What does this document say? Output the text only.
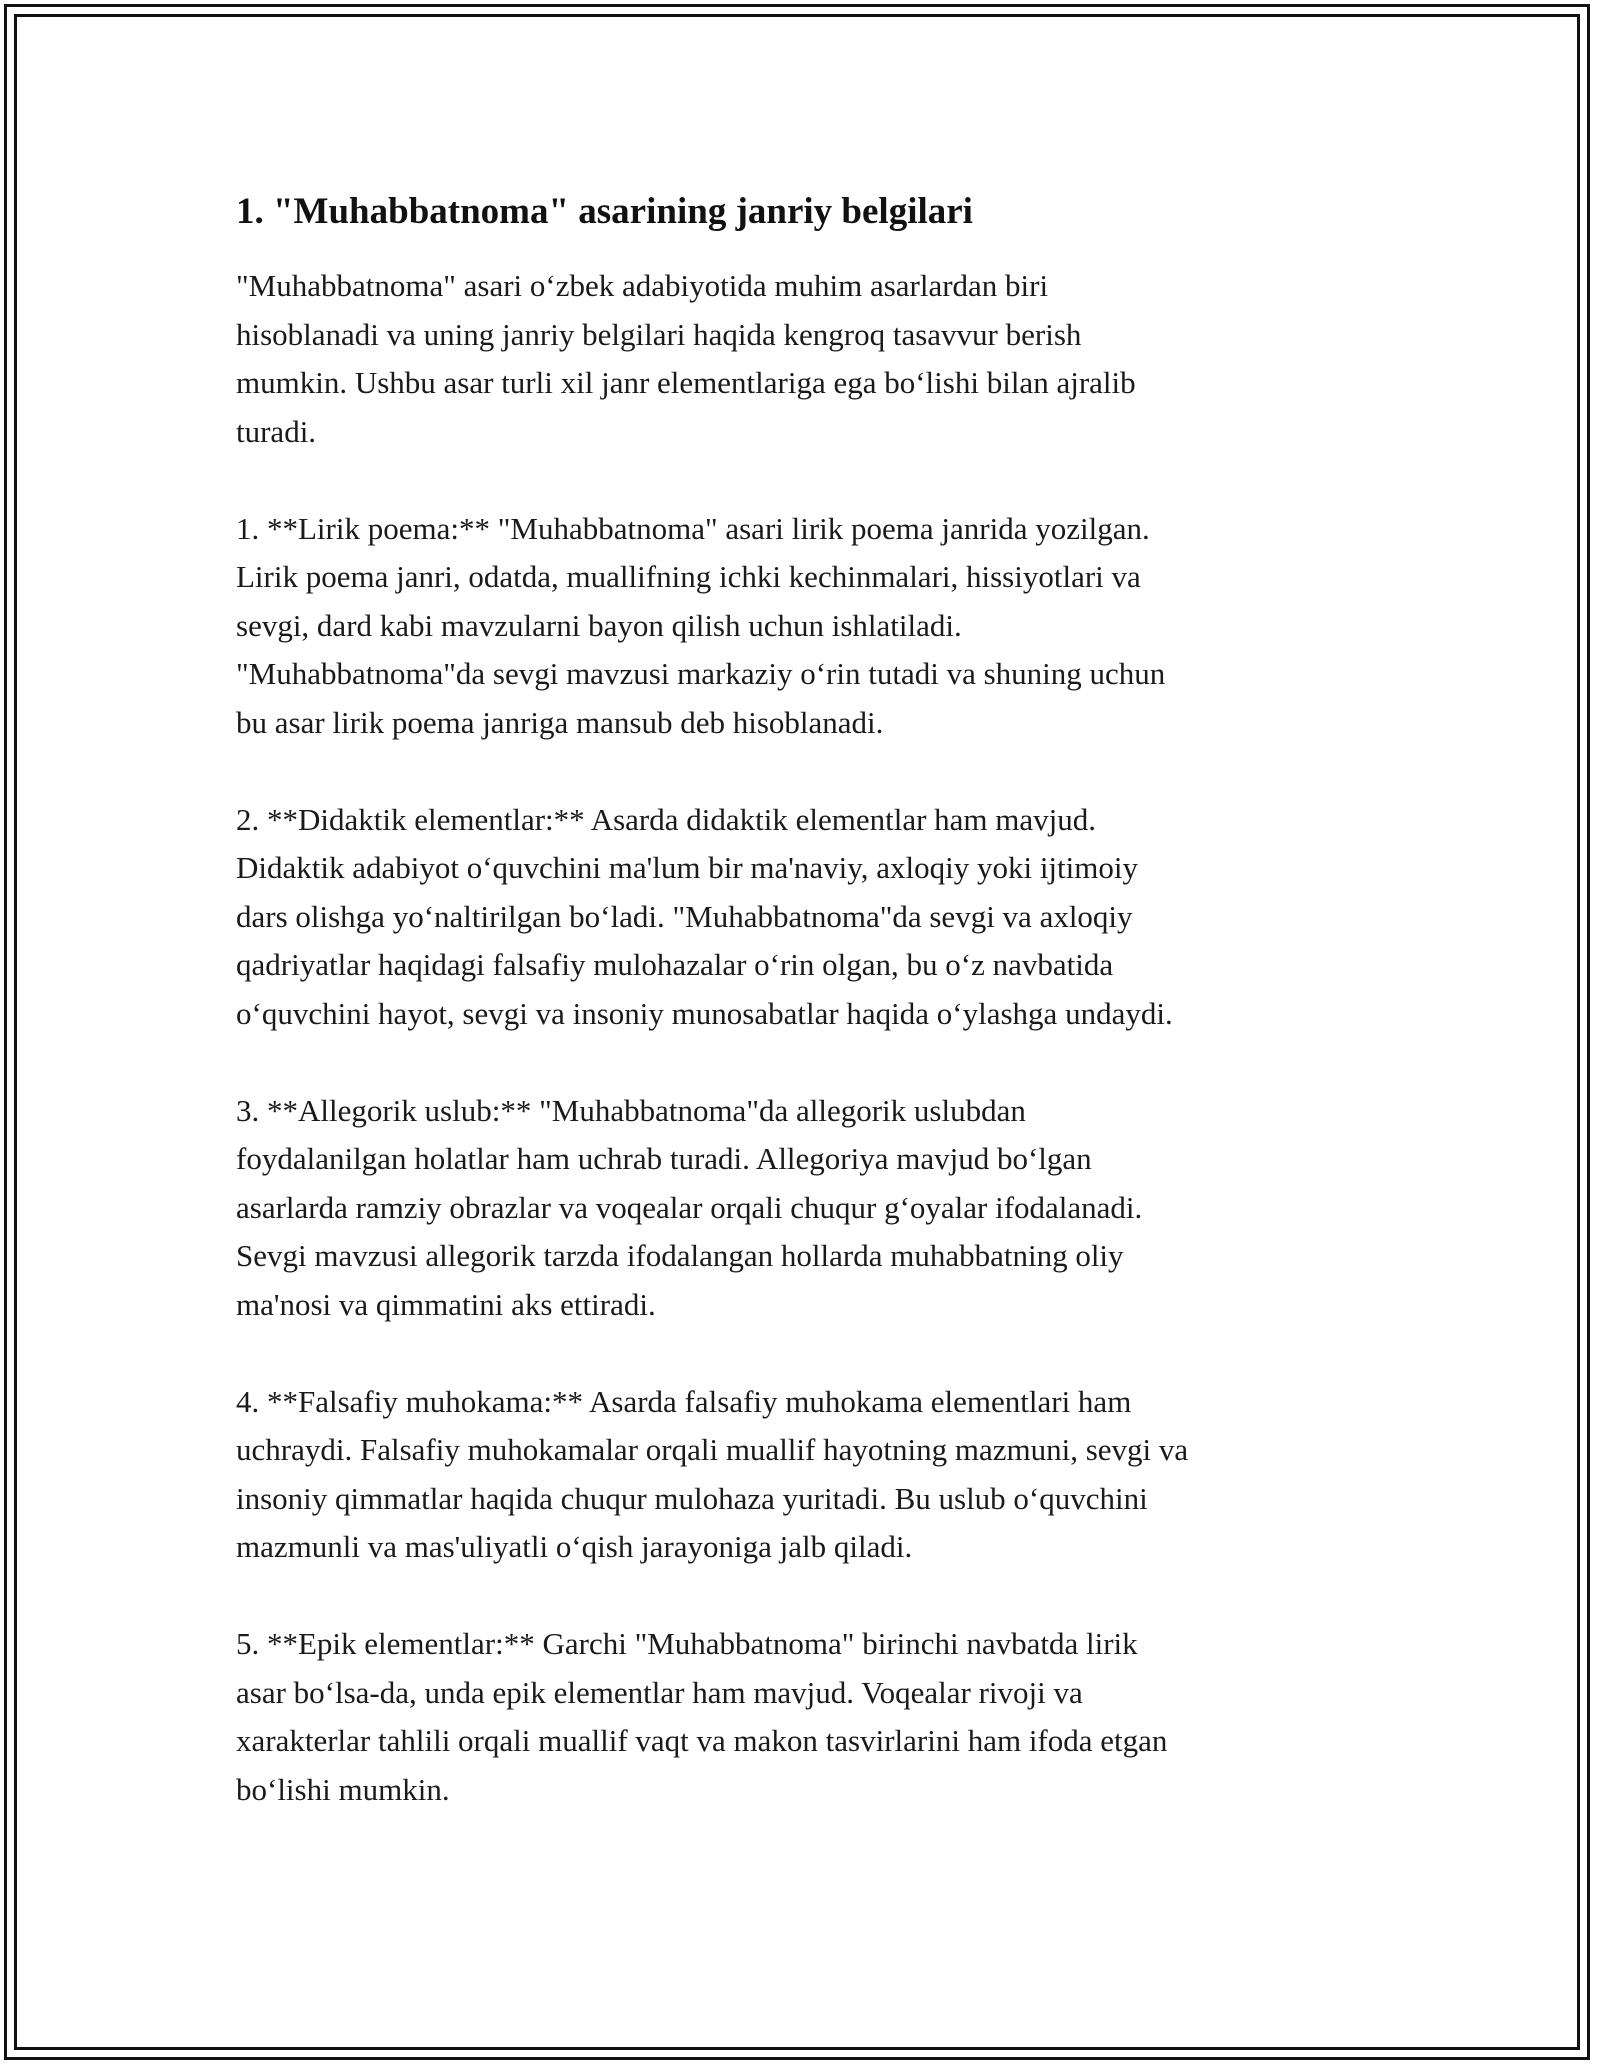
1. "Muhabbatnoma" asarining janriy belgilari

"Muhabbatnoma" asari o‘zbek adabiyotida muhim asarlardan biri
hisoblanadi va uning janriy belgilari haqida kengroq tasavvur berish
mumkin. Ushbu asar turli xil janr elementlariga ega bo‘lishi bilan ajralib
turadi.

1. **Lirik poema:** "Muhabbatnoma" asari lirik poema janrida yozilgan.
Lirik poema janri, odatda, muallifning ichki kechinmalari, hissiyotlari va
sevgi, dard kabi mavzularni bayon qilish uchun ishlatiladi.
"Muhabbatnoma"da sevgi mavzusi markaziy o‘rin tutadi va shuning uchun
bu asar lirik poema janriga mansub deb hisoblanadi.

2. **Didaktik elementlar:** Asarda didaktik elementlar ham mavjud.
Didaktik adabiyot o‘quvchini ma'lum bir ma'naviy, axloqiy yoki ijtimoiy
dars olishga yo‘naltirilgan bo‘ladi. "Muhabbatnoma"da sevgi va axloqiy
qadriyatlar haqidagi falsafiy mulohazalar o‘rin olgan, bu o‘z navbatida
o‘quvchini hayot, sevgi va insoniy munosabatlar haqida o‘ylashga undaydi.

3. **Allegorik uslub:** "Muhabbatnoma"da allegorik uslubdan
foydalanilgan holatlar ham uchrab turadi. Allegoriya mavjud bo‘lgan
asarlarda ramziy obrazlar va voqealar orqali chuqur g‘oyalar ifodalanadi.
Sevgi mavzusi allegorik tarzda ifodalangan hollarda muhabbatning oliy
ma'nosi va qimmatini aks ettiradi.

4. **Falsafiy muhokama:** Asarda falsafiy muhokama elementlari ham
uchraydi. Falsafiy muhokamalar orqali muallif hayotning mazmuni, sevgi va
insoniy qimmatlar haqida chuqur mulohaza yuritadi. Bu uslub o‘quvchini
mazmunli va mas'uliyatli o‘qish jarayoniga jalb qiladi.

5. **Epik elementlar:** Garchi "Muhabbatnoma" birinchi navbatda lirik
asar bo‘lsa-da, unda epik elementlar ham mavjud. Voqealar rivoji va
xarakterlar tahlili orqali muallif vaqt va makon tasvirlarini ham ifoda etgan
bo‘lishi mumkin.
